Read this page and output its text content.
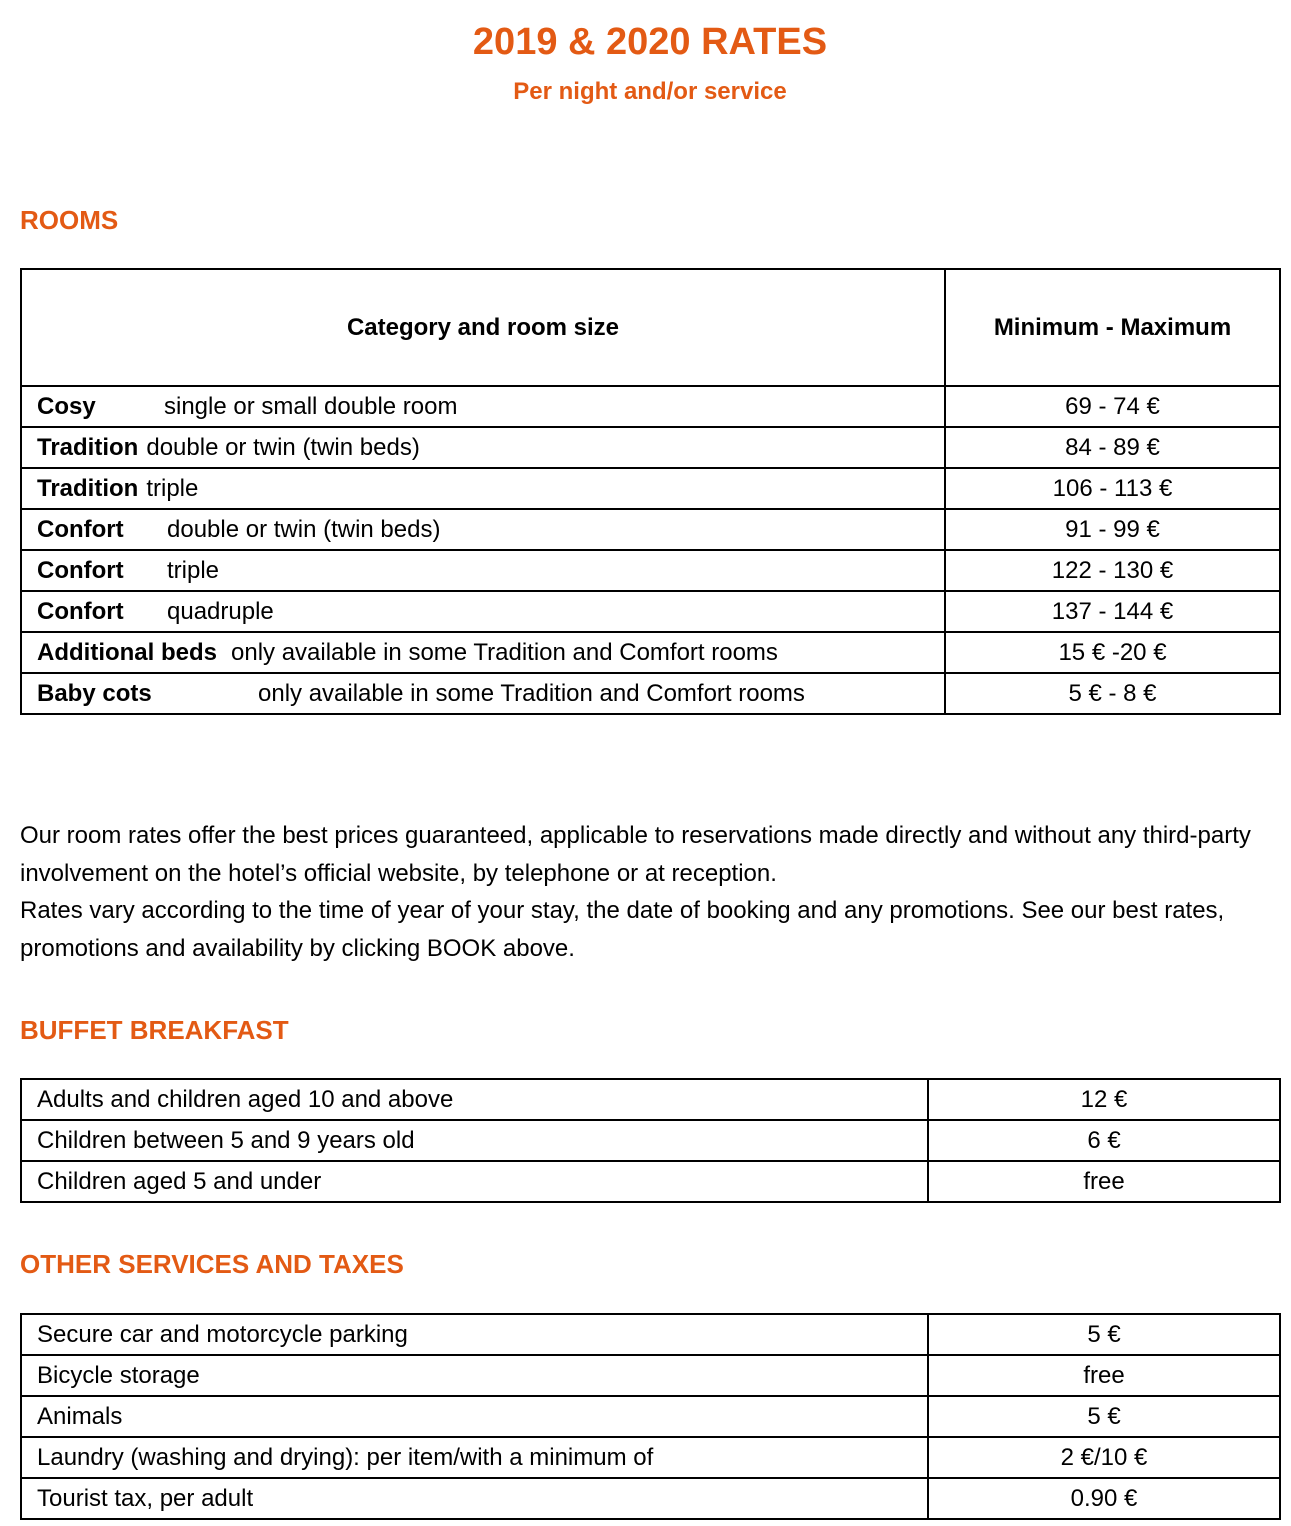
2019 & 2020 RATES
Per night and/or service
ROOMS
Category and room size	Minimum - Maximum
Cosy single or small double room	69 - 74 €
Tradition double or twin (twin beds)	84 - 89 €
Tradition triple	106 - 113 €
Confort double or twin (twin beds)	91 - 99 €
Confort triple	122 - 130 €
Confort quadruple	137 - 144 €
Additional beds only available in some Tradition and Comfort rooms	15 € -20 €
Baby cots only available in some Tradition and Comfort rooms	5 € - 8 €

Our room rates offer the best prices guaranteed, applicable to reservations made directly and without any third-party involvement on the hotel’s official website, by telephone or at reception.

Rates vary according to the time of year of your stay, the date of booking and any promotions. See our best rates, promotions and availability by clicking BOOK above.

BUFFET BREAKFAST
Adults and children aged 10 and above	12 €
Children between 5 and 9 years old	6 €
Children aged 5 and under	free
OTHER SERVICES AND TAXES
Secure car and motorcycle parking	5 €
Bicycle storage	free
Animals	5 €
Laundry (washing and drying): per item/with a minimum of	2 €/10 €
Tourist tax, per adult	0.90 €
